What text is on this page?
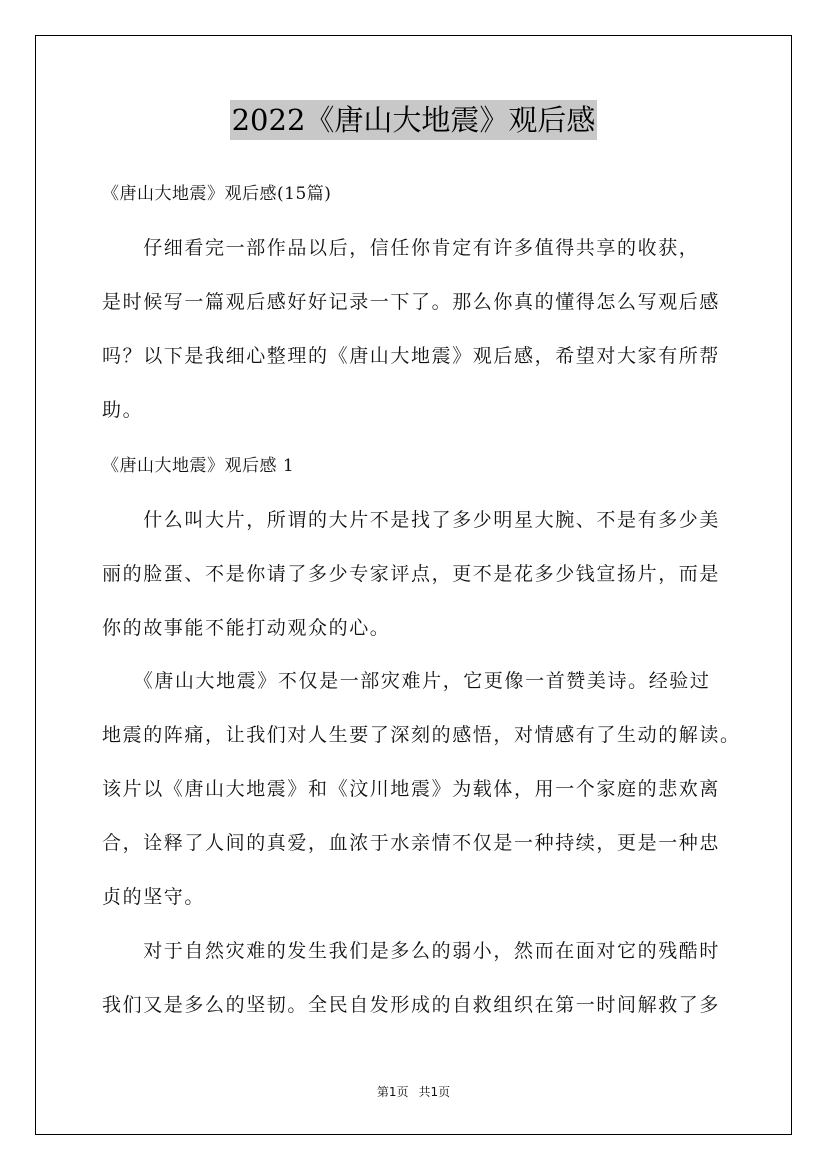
2022《唐山大地震》观后感
《唐山大地震》观后感(15篇)
　　仔细看完一部作品以后，信任你肯定有许多值得共享的收获，
是时候写一篇观后感好好记录一下了。那么你真的懂得怎么写观后感
吗？以下是我细心整理的《唐山大地震》观后感，希望对大家有所帮
助。
《唐山大地震》观后感 1
　　什么叫大片，所谓的大片不是找了多少明星大腕、不是有多少美
丽的脸蛋、不是你请了多少专家评点，更不是花多少钱宣扬片，而是
你的故事能不能打动观众的心。
　　《唐山大地震》不仅是一部灾难片，它更像一首赞美诗。经验过
地震的阵痛，让我们对人生要了深刻的感悟，对情感有了生动的解读。
该片以《唐山大地震》和《汶川地震》为载体，用一个家庭的悲欢离
合，诠释了人间的真爱，血浓于水亲情不仅是一种持续，更是一种忠
贞的坚守。
　　对于自然灾难的发生我们是多么的弱小，然而在面对它的残酷时
我们又是多么的坚韧。全民自发形成的自救组织在第一时间解救了多
第1页 共1页
